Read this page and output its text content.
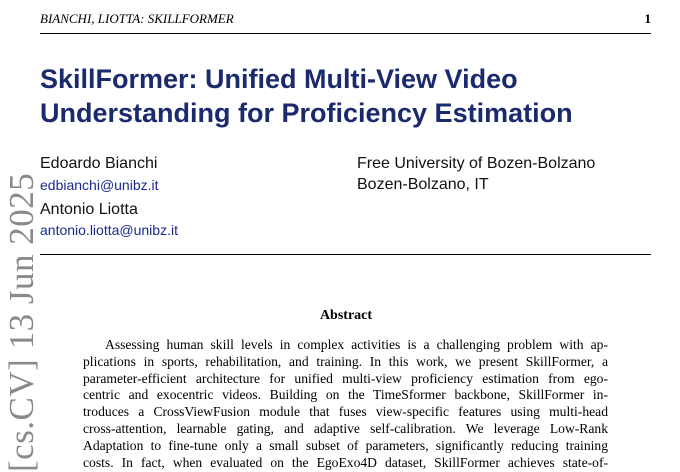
BIANCHI, LIOTTA: SKILLFORMER	1
SkillFormer: Unified Multi-View Video
Understanding for Proficiency Estimation
Edoardo Bianchi
edbianchi@unibz.it
Antonio Liotta
antonio.liotta@unibz.it
Free University of Bozen-Bolzano
Bozen-Bolzano, IT
Abstract
Assessing human skill levels in complex activities is a challenging problem with ap-
plications in sports, rehabilitation, and training. In this work, we present SkillFormer, a
parameter-efficient architecture for unified multi-view proficiency estimation from ego-
centric and exocentric videos. Building on the TimeSformer backbone, SkillFormer in-
troduces a CrossViewFusion module that fuses view-specific features using multi-head
cross-attention, learnable gating, and adaptive self-calibration. We leverage Low-Rank
Adaptation to fine-tune only a small subset of parameters, significantly reducing training
costs. In fact, when evaluated on the EgoExo4D dataset, SkillFormer achieves state-of-
[cs.CV] 13 Jun 2025
